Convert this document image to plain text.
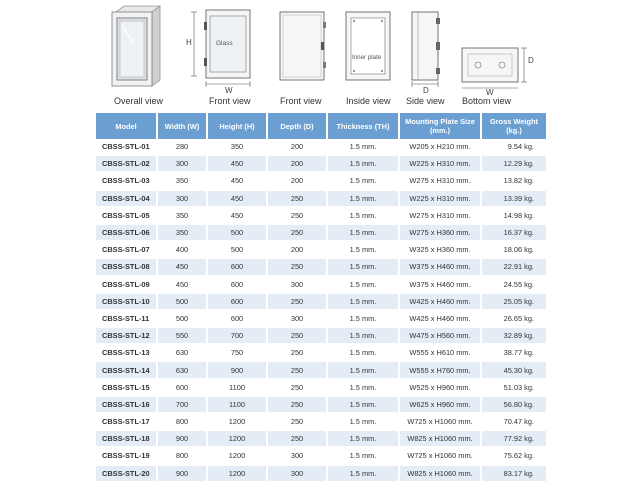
Overall view
H
W
Glass
Front view	Front view
Inner plate
Inside view
D
Side view
D
W
Bottom view
Model	Width (W)	Height (H)	Depth (D)	Thickness (TH)	Mounting Plate Size (mm.)	Gross Weight (kg.)
CBSS-STL-01	280	350	200	1.5 mm.	W205 x H210 mm.	9.54 kg.
CBSS-STL-02	300	450	200	1.5 mm.	W225 x H310 mm.	12.29 kg.
CBSS-STL-03	350	450	200	1.5 mm.	W275 x H310 mm.	13.82 kg.
CBSS-STL-04	300	450	250	1.5 mm.	W225 x H310 mm.	13.39 kg.
CBSS-STL-05	350	450	250	1.5 mm.	W275 x H310 mm.	14.98 kg.
CBSS-STL-06	350	500	250	1.5 mm.	W275 x H360 mm.	16.37 kg.
CBSS-STL-07	400	500	200	1.5 mm.	W325 x H360 mm.	18.06 kg.
CBSS-STL-08	450	600	250	1.5 mm.	W375 x H460 mm.	22.91 kg.
CBSS-STL-09	450	600	300	1.5 mm.	W375 x H460 mm.	24.55 kg.
CBSS-STL-10	500	600	250	1.5 mm.	W425 x H460 mm.	25.05 kg.
CBSS-STL-11	500	600	300	1.5 mm.	W425 x H460 mm.	26.65 kg.
CBSS-STL-12	550	700	250	1.5 mm.	W475 x H560 mm.	32.89 kg.
CBSS-STL-13	630	750	250	1.5 mm.	W555 x H610 mm.	38.77 kg.
CBSS-STL-14	630	900	250	1.5 mm.	W555 x H760 mm.	45.30 kg.
CBSS-STL-15	600	1100	250	1.5 mm.	W525 x H960 mm.	51.03 kg.
CBSS-STL-16	700	1100	250	1.5 mm.	W625 x H960 mm.	56.80 kg.
CBSS-STL-17	800	1200	250	1.5 mm.	W725 x H1060 mm.	70.47 kg.
CBSS-STL-18	900	1200	250	1.5 mm.	W825 x H1060 mm.	77.92 kg.
CBSS-STL-19	800	1200	300	1.5 mm.	W725 x H1060 mm.	75.62 kg.
CBSS-STL-20	900	1200	300	1.5 mm.	W825 x H1060 mm.	83.17 kg.
